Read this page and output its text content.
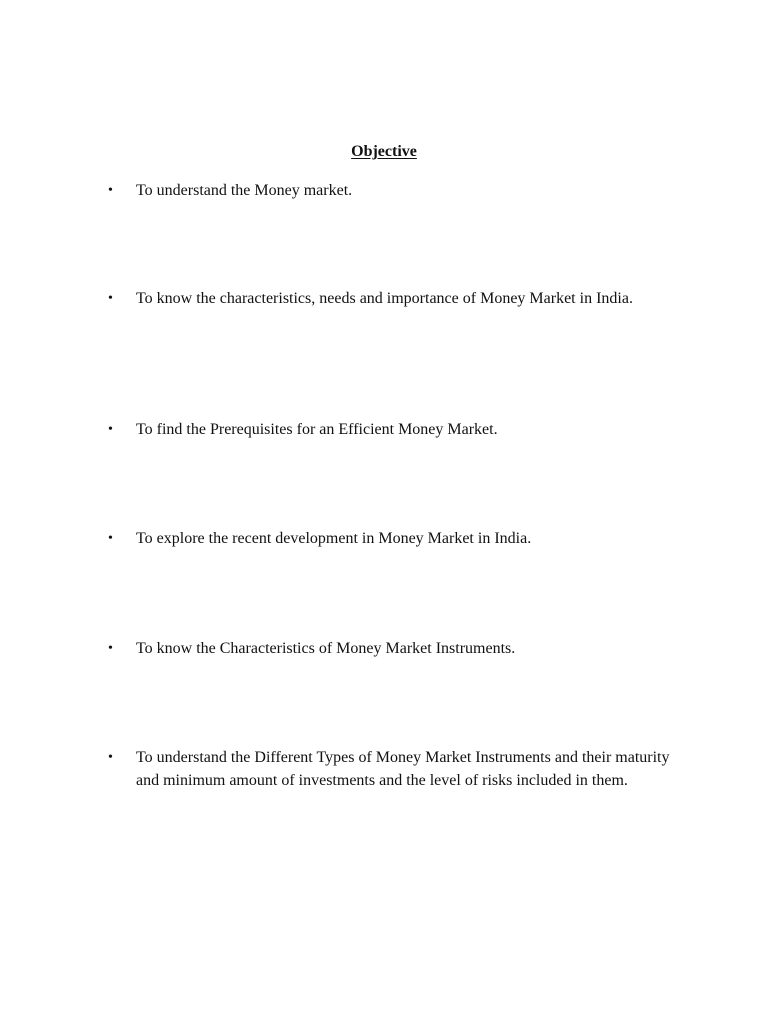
Objective
•	To understand the Money market.
•	To know the characteristics, needs and importance of Money Market in India.
•	To find the Prerequisites for an Efficient Money Market.
•	To explore the recent development in Money Market in India.
•	To know the Characteristics of Money Market Instruments.
•	To understand the Different Types of Money Market Instruments and their maturity and minimum amount of investments and the level of risks included in them.
